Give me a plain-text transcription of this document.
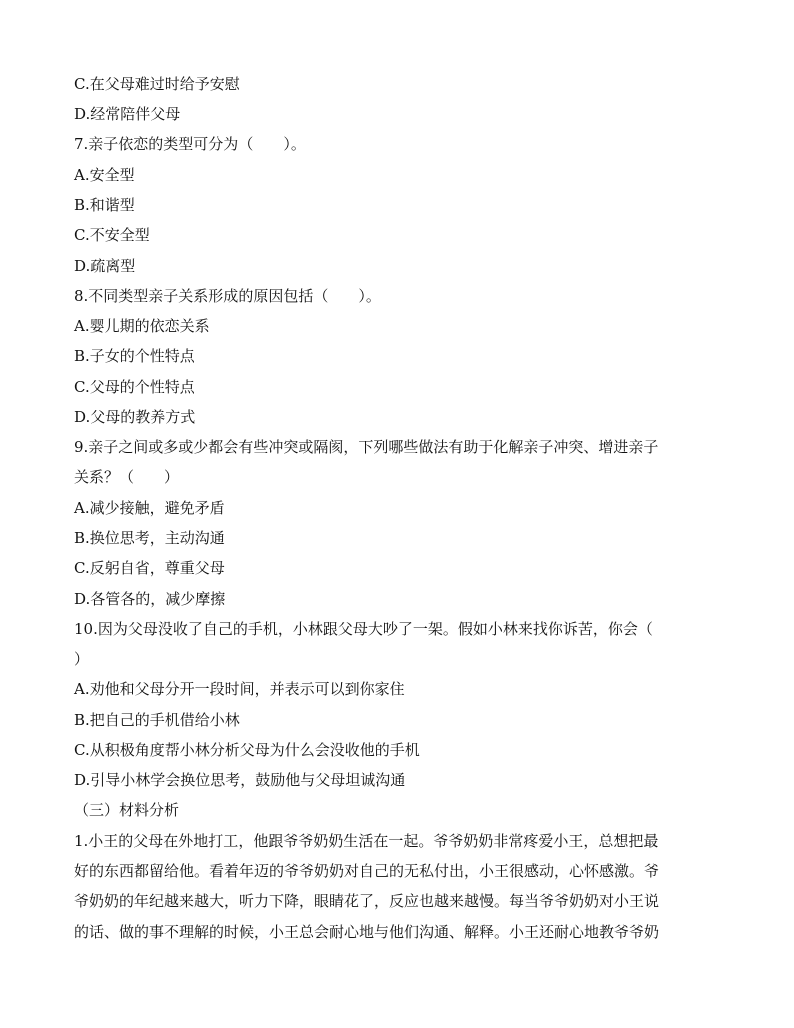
C.在父母难过时给予安慰
D.经常陪伴父母
7.亲子依恋的类型可分为（　　）。
A.安全型
B.和谐型
C.不安全型
D.疏离型
8.不同类型亲子关系形成的原因包括（　　）。
A.婴儿期的依恋关系
B.子女的个性特点
C.父母的个性特点
D.父母的教养方式
9.亲子之间或多或少都会有些冲突或隔阂，下列哪些做法有助于化解亲子冲突、增进亲子
关系？（　　）
A.减少接触，避免矛盾
B.换位思考，主动沟通
C.反躬自省，尊重父母
D.各管各的，减少摩擦
10.因为父母没收了自己的手机，小林跟父母大吵了一架。假如小林来找你诉苦，你会（
）
A.劝他和父母分开一段时间，并表示可以到你家住
B.把自己的手机借给小林
C.从积极角度帮小林分析父母为什么会没收他的手机
D.引导小林学会换位思考，鼓励他与父母坦诚沟通
（三）材料分析
1.小王的父母在外地打工，他跟爷爷奶奶生活在一起。爷爷奶奶非常疼爱小王，总想把最
好的东西都留给他。看着年迈的爷爷奶奶对自己的无私付出，小王很感动，心怀感激。爷
爷奶奶的年纪越来越大，听力下降，眼睛花了，反应也越来越慢。每当爷爷奶奶对小王说
的话、做的事不理解的时候，小王总会耐心地与他们沟通、解释。小王还耐心地教爷爷奶
